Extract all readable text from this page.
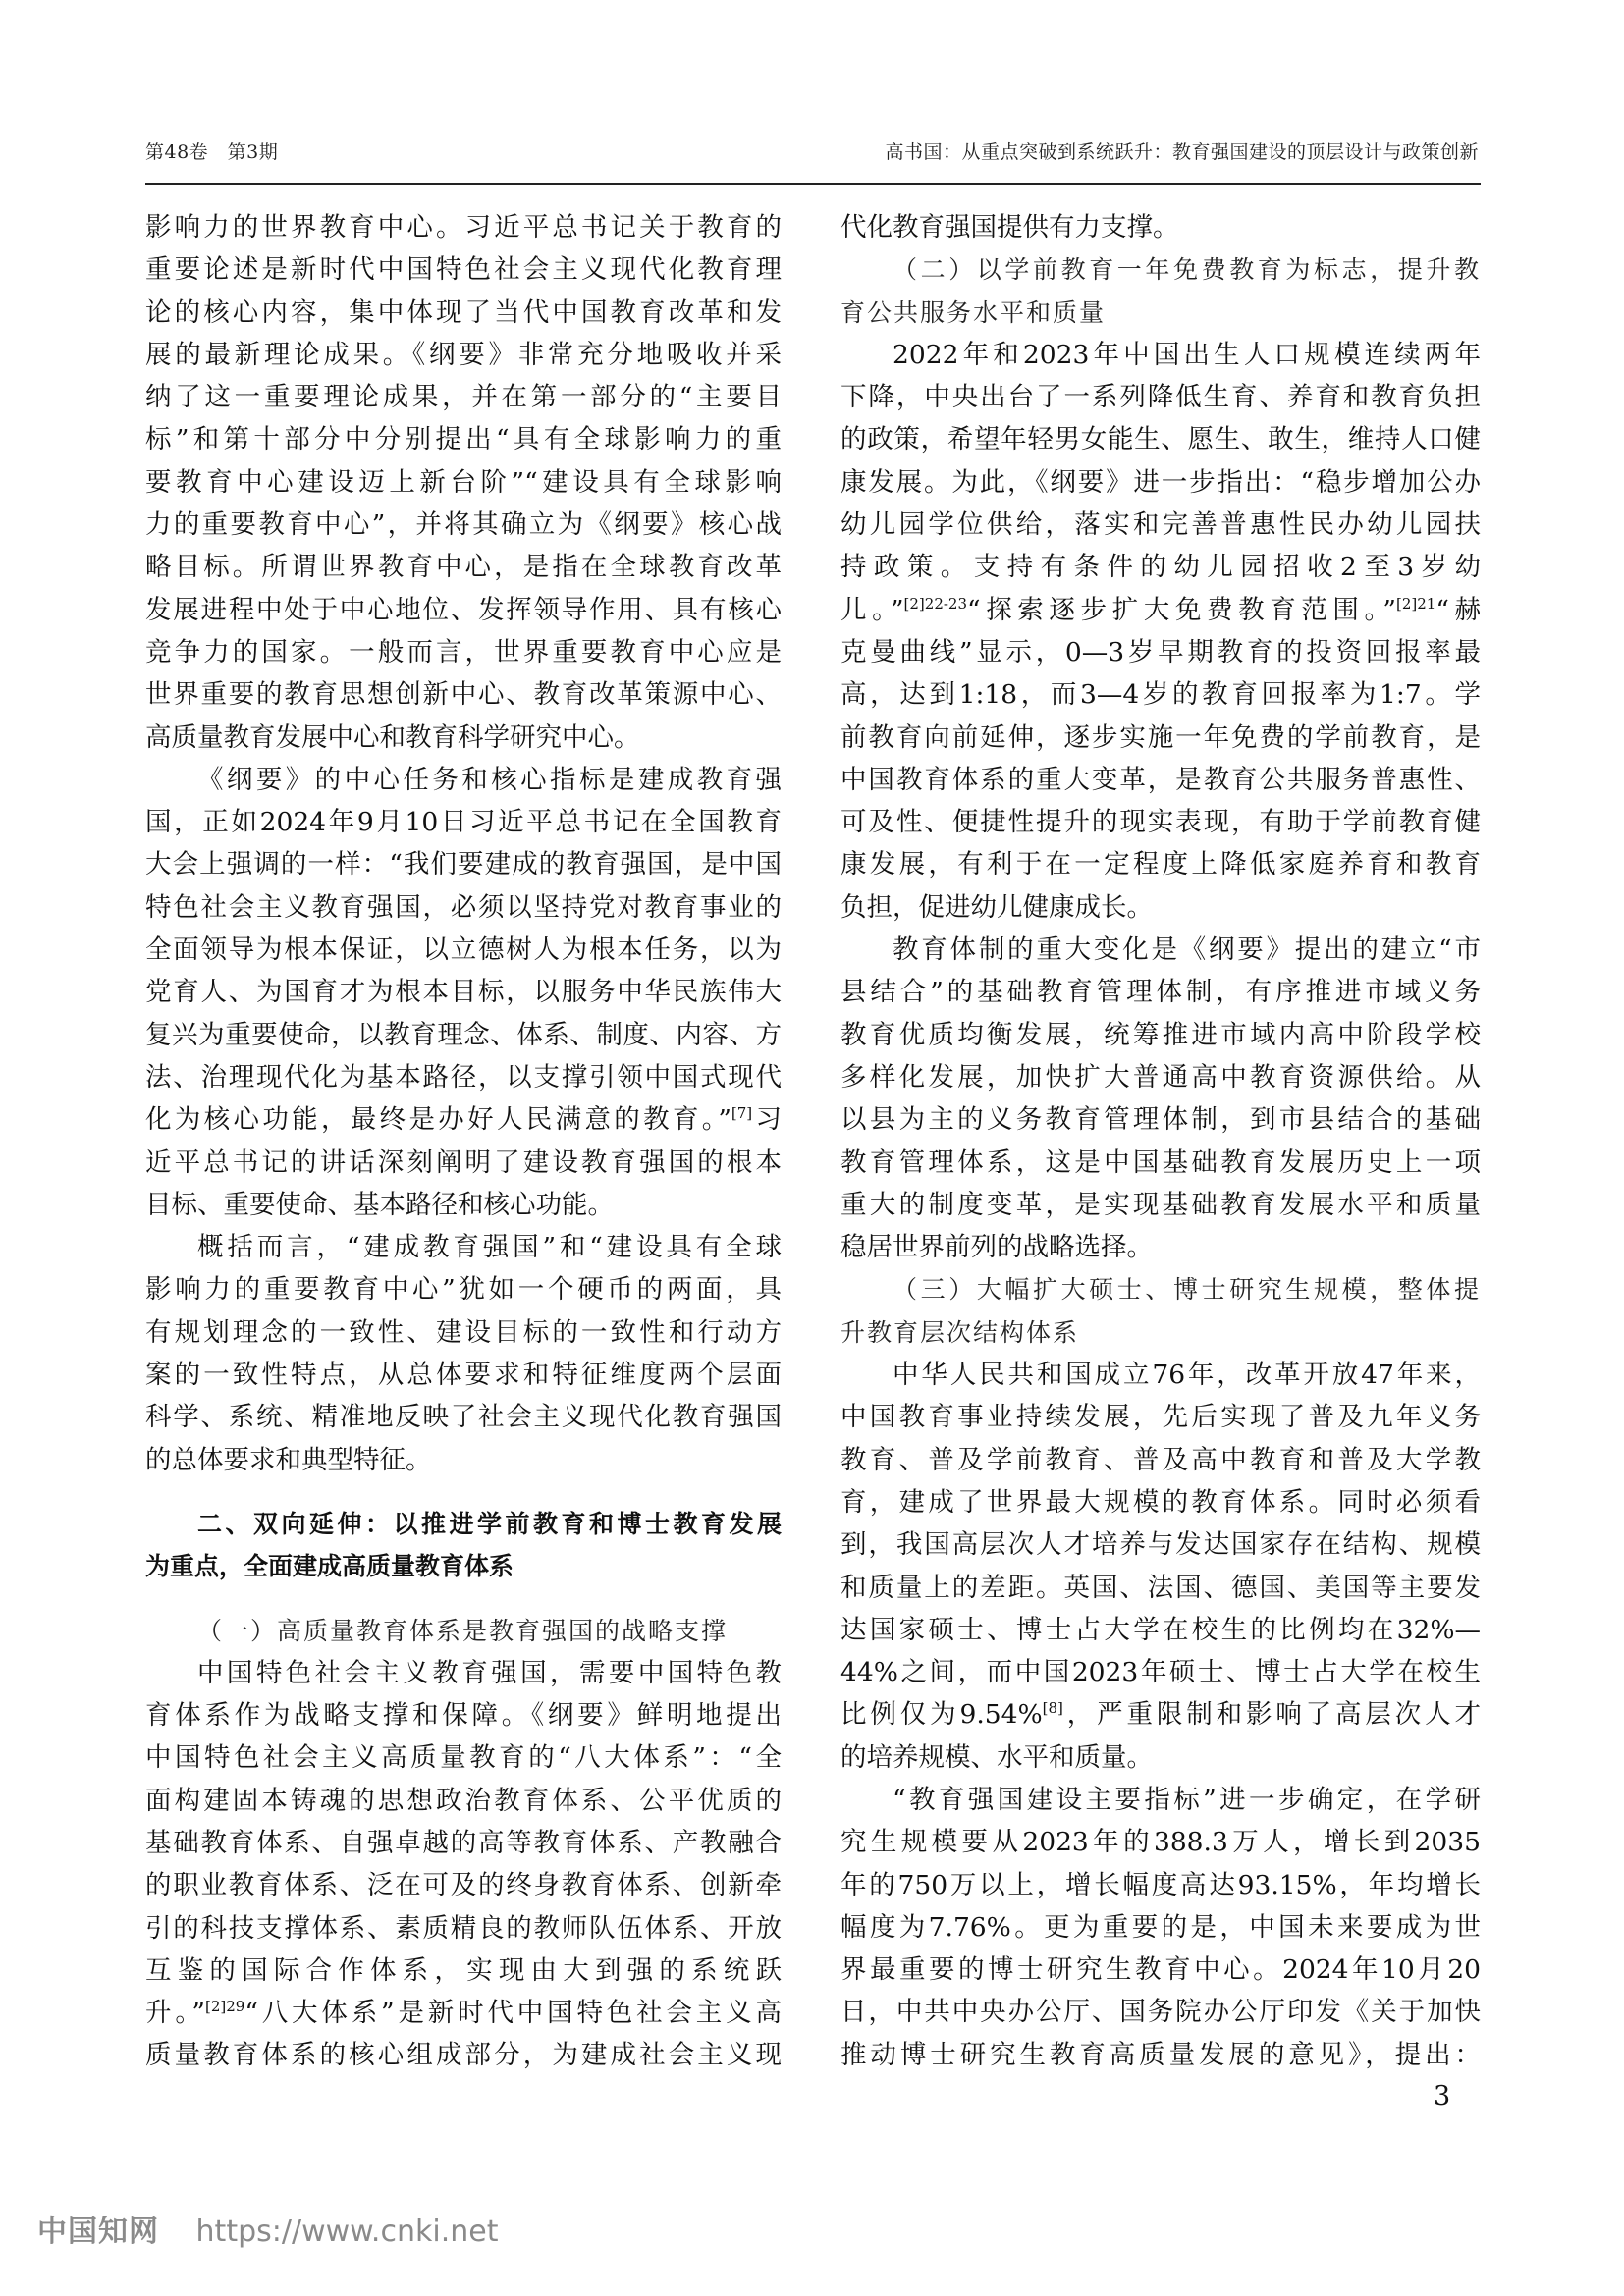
第48卷　第3期	高书国：从重点突破到系统跃升：教育强国建设的顶层设计与政策创新
影响力的世界教育中心。习近平总书记关于教育的
重要论述是新时代中国特色社会主义现代化教育理
论的核心内容，集中体现了当代中国教育改革和发
展的最新理论成果。《纲要》非常充分地吸收并采
纳了这一重要理论成果，并在第一部分的“主要目
标”和第十部分中分别提出“具有全球影响力的重
要教育中心建设迈上新台阶”“建设具有全球影响
力的重要教育中心”，并将其确立为《纲要》核心战
略目标。所谓世界教育中心，是指在全球教育改革
发展进程中处于中心地位、发挥领导作用、具有核心
竞争力的国家。一般而言，世界重要教育中心应是
世界重要的教育思想创新中心、教育改革策源中心、
高质量教育发展中心和教育科学研究中心。
《纲要》的中心任务和核心指标是建成教育强
国，正如2024年9月10日习近平总书记在全国教育
大会上强调的一样：“我们要建成的教育强国，是中国
特色社会主义教育强国，必须以坚持党对教育事业的
全面领导为根本保证，以立德树人为根本任务，以为
党育人、为国育才为根本目标，以服务中华民族伟大
复兴为重要使命，以教育理念、体系、制度、内容、方
法、治理现代化为基本路径，以支撑引领中国式现代
化为核心功能，最终是办好人民满意的教育。”[7]习
近平总书记的讲话深刻阐明了建设教育强国的根本
目标、重要使命、基本路径和核心功能。
概括而言，“建成教育强国”和“建设具有全球
影响力的重要教育中心”犹如一个硬币的两面，具
有规划理念的一致性、建设目标的一致性和行动方
案的一致性特点，从总体要求和特征维度两个层面
科学、系统、精准地反映了社会主义现代化教育强国
的总体要求和典型特征。
二、双向延伸：以推进学前教育和博士教育发展
为重点，全面建成高质量教育体系
（一）高质量教育体系是教育强国的战略支撑
中国特色社会主义教育强国，需要中国特色教
育体系作为战略支撑和保障。《纲要》鲜明地提出
中国特色社会主义高质量教育的“八大体系”：“全
面构建固本铸魂的思想政治教育体系、公平优质的
基础教育体系、自强卓越的高等教育体系、产教融合
的职业教育体系、泛在可及的终身教育体系、创新牵
引的科技支撑体系、素质精良的教师队伍体系、开放
互鉴的国际合作体系，实现由大到强的系统跃
升。”$^{[2]29}$“八大体系”是新时代中国特色社会主义高
质量教育体系的核心组成部分，为建成社会主义现
代化教育强国提供有力支撑。
（二）以学前教育一年免费教育为标志，提升教
育公共服务水平和质量
2022年和2023年中国出生人口规模连续两年
下降，中央出台了一系列降低生育、养育和教育负担
的政策，希望年轻男女能生、愿生、敢生，维持人口健
康发展。为此，《纲要》进一步指出：“稳步增加公办
幼儿园学位供给，落实和完善普惠性民办幼儿园扶
持政策。支持有条件的幼儿园招收2至3岁幼
儿。”$^{[2]22-23}$“探索逐步扩大免费教育范围。”$^{[2]21}$“赫
克曼曲线”显示，0—3岁早期教育的投资回报率最
高，达到1:18，而3—4岁的教育回报率为1:7。学
前教育向前延伸，逐步实施一年免费的学前教育，是
中国教育体系的重大变革，是教育公共服务普惠性、
可及性、便捷性提升的现实表现，有助于学前教育健
康发展，有利于在一定程度上降低家庭养育和教育
负担，促进幼儿健康成长。
教育体制的重大变化是《纲要》提出的建立“市
县结合”的基础教育管理体制，有序推进市域义务
教育优质均衡发展，统筹推进市域内高中阶段学校
多样化发展，加快扩大普通高中教育资源供给。从
以县为主的义务教育管理体制，到市县结合的基础
教育管理体系，这是中国基础教育发展历史上一项
重大的制度变革，是实现基础教育发展水平和质量
稳居世界前列的战略选择。
（三）大幅扩大硕士、博士研究生规模，整体提
升教育层次结构体系
中华人民共和国成立76年，改革开放47年来，
中国教育事业持续发展，先后实现了普及九年义务
教育、普及学前教育、普及高中教育和普及大学教
育，建成了世界最大规模的教育体系。同时必须看
到，我国高层次人才培养与发达国家存在结构、规模
和质量上的差距。英国、法国、德国、美国等主要发
达国家硕士、博士占大学在校生的比例均在32%—
44%之间，而中国2023年硕士、博士占大学在校生
比例仅为9.54%[8]，严重限制和影响了高层次人才
的培养规模、水平和质量。
“教育强国建设主要指标”进一步确定，在学研
究生规模要从2023年的388.3万人，增长到2035
年的750万以上，增长幅度高达93.15%，年均增长
幅度为7.76%。更为重要的是，中国未来要成为世
界最重要的博士研究生教育中心。2024年10月20
日，中共中央办公厅、国务院办公厅印发《关于加快
推动博士研究生教育高质量发展的意见》，提出：
3
中国知网 https://www.cnki.net
